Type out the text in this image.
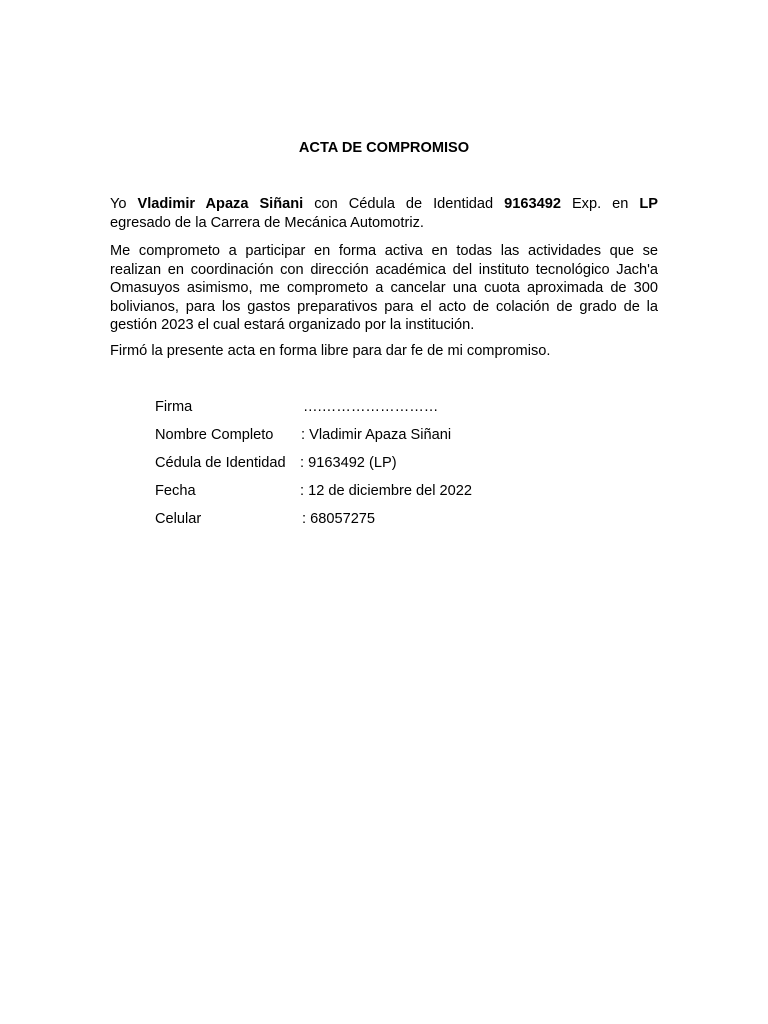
ACTA DE COMPROMISO

Yo Vladimir Apaza Siñani con Cédula de Identidad 9163492 Exp. en LP
egresado de la Carrera de Mecánica Automotriz.

Me comprometo a participar en forma activa en todas las actividades que se realizan en coordinación con dirección académica del instituto tecnológico Jach'a Omasuyos asimismo, me comprometo a cancelar una cuota aproximada de 300 bolivianos, para los gastos preparativos para el acto de colación de grado de la gestión 2023 el cual estará organizado por la institución.

Firmó la presente acta en forma libre para dar fe de mi compromiso.

Firma	….……………………
Nombre Completo : Vladimir Apaza Siñani
Cédula de Identidad : 9163492 (LP)
Fecha	: 12 de diciembre del 2022
Celular	: 68057275
